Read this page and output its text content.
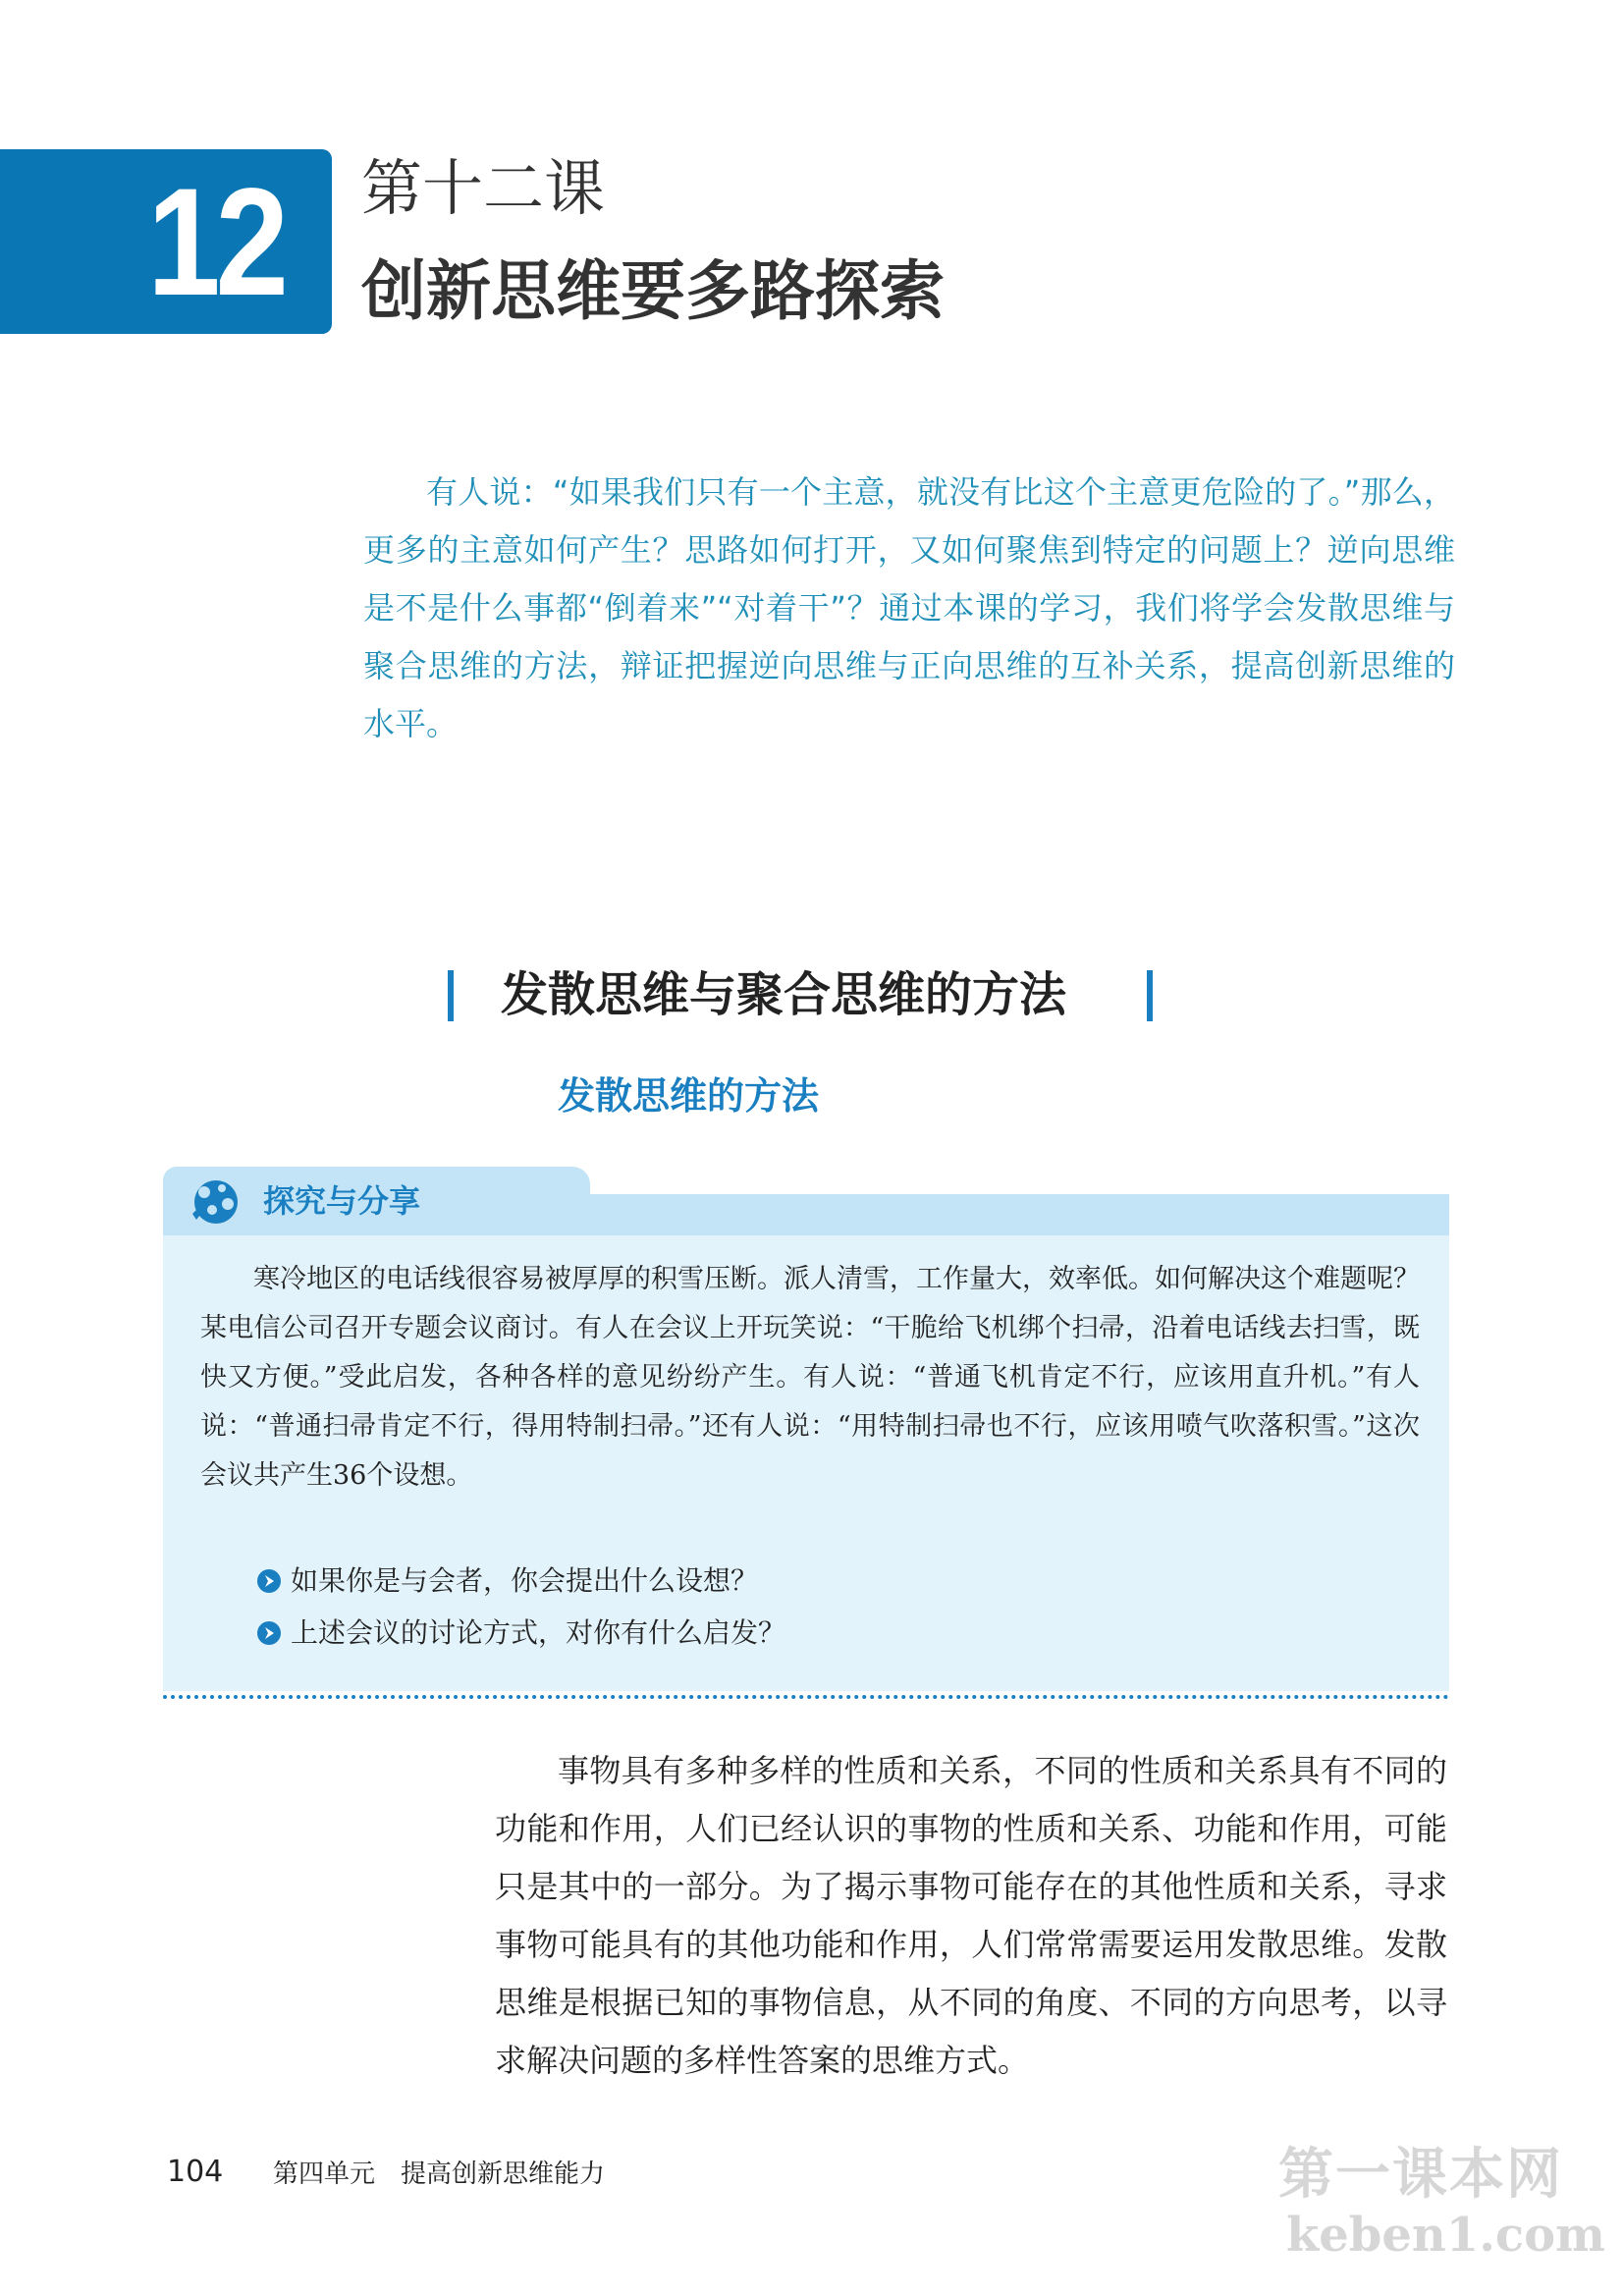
12 第十二课
创新思维要多路探索

有人说：“如果我们只有一个主意，就没有比这个主意更危险的了。”那么，更多的主意如何产生？思路如何打开，又如何聚焦到特定的问题上？逆向思维是不是什么事都“倒着来”“对着干”？通过本课的学习，我们将学会发散思维与聚合思维的方法，辩证把握逆向思维与正向思维的互补关系，提高创新思维的水平。

发散思维与聚合思维的方法
发散思维的方法
探究与分享

寒冷地区的电话线很容易被厚厚的积雪压断。派人清雪，工作量大，效率低。如何解决这个难题呢？某电信公司召开专题会议商讨。有人在会议上开玩笑说：“干脆给飞机绑个扫帚，沿着电话线去扫雪，既快又方便。”受此启发，各种各样的意见纷纷产生。有人说：“普通飞机肯定不行，应该用直升机。”有人说：“普通扫帚肯定不行，得用特制扫帚。”还有人说：“用特制扫帚也不行，应该用喷气吹落积雪。”这次会议共产生36个设想。

如果你是与会者，你会提出什么设想？
上述会议的讨论方式，对你有什么启发？

事物具有多种多样的性质和关系，不同的性质和关系具有不同的功能和作用，人们已经认识的事物的性质和关系、功能和作用，可能只是其中的一部分。为了揭示事物可能存在的其他性质和关系，寻求事物可能具有的其他功能和作用，人们常常需要运用发散思维。发散思维是根据已知的事物信息，从不同的角度、不同的方向思考，以寻求解决问题的多样性答案的思维方式。

104 第四单元　提高创新思维能力	第一课本网
keben1.com
